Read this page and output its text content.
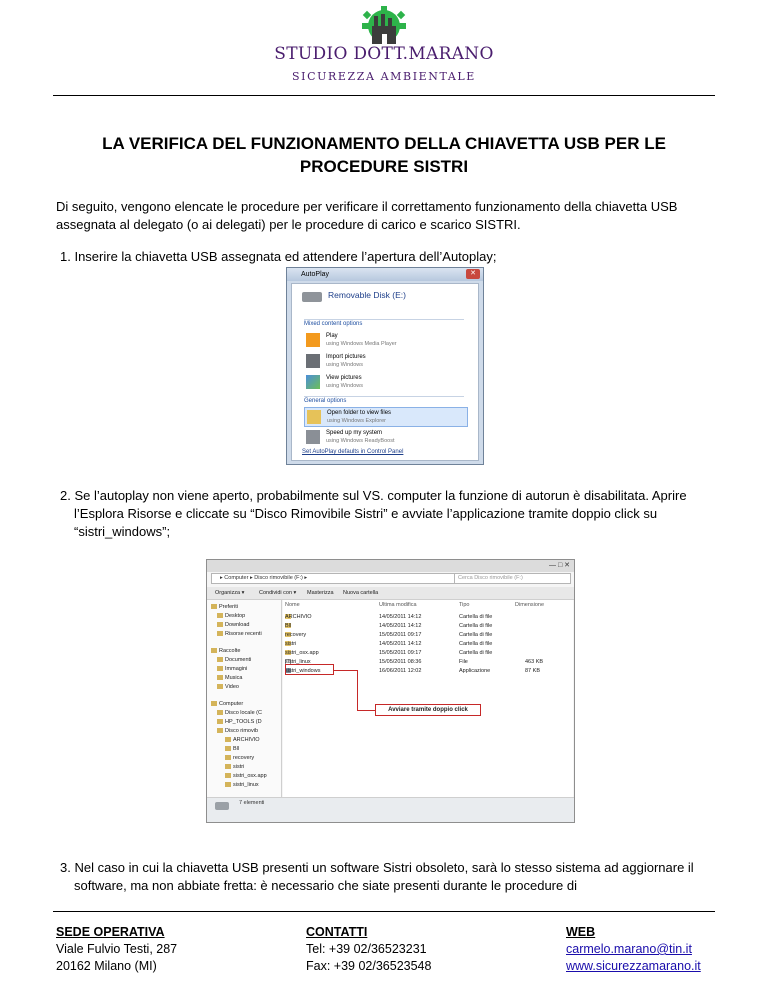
STUDIO DOTT.MARANO
SICUREZZA AMBIENTALE
LA VERIFICA DEL FUNZIONAMENTO DELLA CHIAVETTA USB PER LE PROCEDURE SISTRI
Di seguito, vengono elencate le procedure per verificare il correttamento funzionamento della chiavetta USB assegnata al delegato (o ai delegati) per le procedure di carico e scarico SISTRI.
1. Inserire la chiavetta USB assegnata ed attendere l’apertura dell’Autoplay;
AutoPlay	✕
Removable Disk (E:)
Mixed content options
Play
using Windows Media Player
Import pictures
using Windows
View pictures
using Windows
General options
Open folder to view files
using Windows Explorer
Speed up my system
using Windows ReadyBoost
Set AutoPlay defaults in Control Panel
2. Se l’autoplay non viene aperto, probabilmente sul VS. computer la funzione di autorun è disabilitata. Aprire l’Esplora Risorse e cliccate su “Disco Rimovibile Sistri” e avviate l’applicazione tramite doppio click su “sistri_windows”;
— □ ✕
▸ Computer ▸ Disco rimovibile (F:) ▸	Cerca Disco rimovibile (F:)
Organizza ▾	Condividi con ▾ Masterizza Nuova cartella
Preferiti
Desktop
Download
Risorse recenti
Raccolte
Documenti
Immagini
Musica
Video
Computer
Disco locale (C
HP_TOOLS (D
Disco rimovib
ARCHIVIO
Bll
recovery
sistri
sistri_osx.app
sistri_linux
Nome	Ultima modifica	Tipo	Dimensione
ARCHIVIO	14/05/2011 14:12	Cartella di file
Bll	14/05/2011 14:12	Cartella di file
recovery	15/05/2011 09:17	Cartella di file
sistri	14/05/2011 14:12	Cartella di file
sistri_osx.app	15/05/2011 09:17	Cartella di file
sistri_linux	15/05/2011 08:36	File	463 KB
sistri_windows	16/06/2011 12:02	Applicazione	87 KB
Avviare tramite doppio click
7 elementi
3. Nel caso in cui la chiavetta USB presenti un software Sistri obsoleto, sarà lo stesso sistema ad aggiornare il software, ma non abbiate fretta: è necessario che siate presenti durante le procedure di
SEDE OPERATIVA
Viale Fulvio Testi, 287
20162 Milano (MI)
CONTATTI
Tel: +39 02/36523231
Fax: +39 02/36523548
WEB
carmelo.marano@tin.it
www.sicurezzamarano.it
